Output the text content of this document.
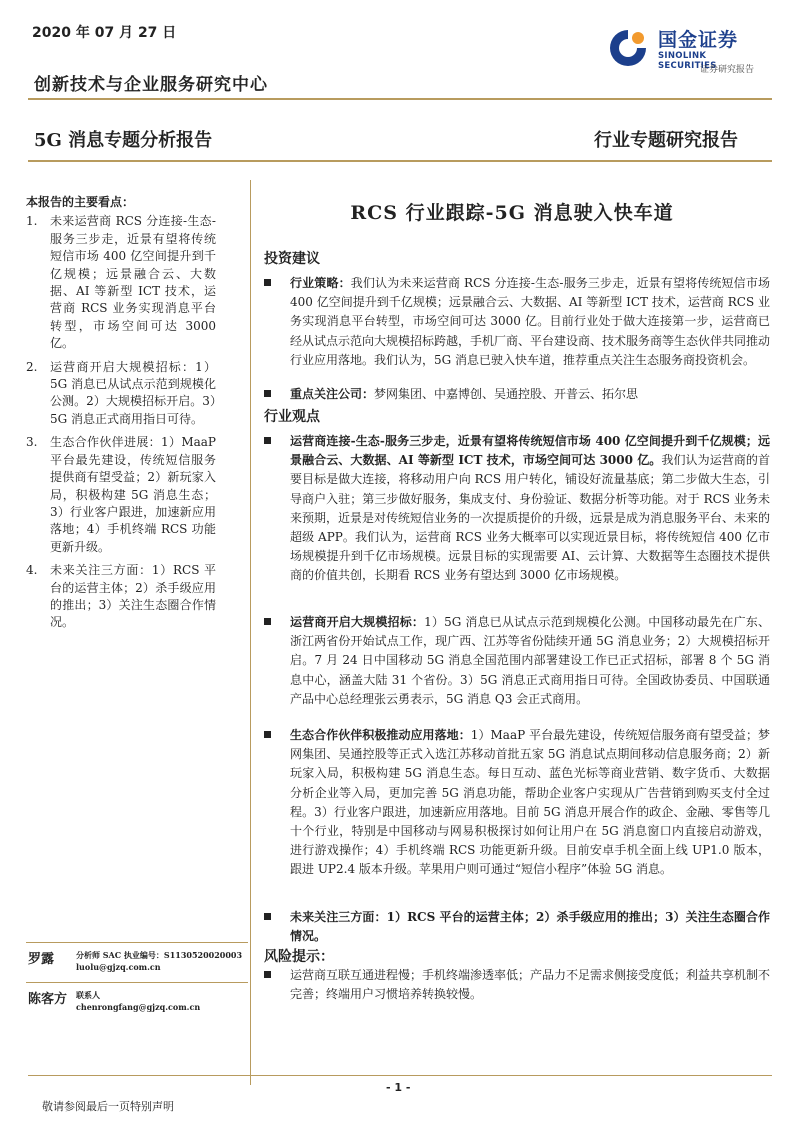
2020 年 07 月 27 日
创新技术与企业服务研究中心
国金证券
SINOLINK SECURITIES
证券研究报告
5G 消息专题分析报告	行业专题研究报告
本报告的主要看点：
1. 未来运营商 RCS 分连接-生态-服务三步走，近景有望将传统短信市场 400 亿空间提升到千亿规模；远景融合云、大数据、AI 等新型 ICT 技术，运营商 RCS 业务实现消息平台转型，市场空间可达 3000 亿。
2. 运营商开启大规模招标：1）5G 消息已从试点示范到规模化公测。2）大规模招标开启。3）5G 消息正式商用指日可待。
3. 生态合作伙伴进展：1）MaaP 平台最先建设，传统短信服务提供商有望受益；2）新玩家入局，积极构建 5G 消息生态；3）行业客户跟进，加速新应用落地；4）手机终端 RCS 功能更新升级。
4. 未来关注三方面：1）RCS 平台的运营主体；2）杀手级应用的推出；3）关注生态圈合作情况。
RCS 行业跟踪-5G 消息驶入快车道
投资建议
行业策略：我们认为未来运营商 RCS 分连接-生态-服务三步走，近景有望将传统短信市场 400 亿空间提升到千亿规模；远景融合云、大数据、AI 等新型 ICT 技术，运营商 RCS 业务实现消息平台转型，市场空间可达 3000 亿。目前行业处于做大连接第一步，运营商已经从试点示范向大规模招标跨越，手机厂商、平台建设商、技术服务商等生态伙伴共同推动行业应用落地。我们认为，5G 消息已驶入快车道，推荐重点关注生态服务商投资机会。
重点关注公司：梦网集团、中嘉博创、吴通控股、开普云、拓尔思
行业观点
运营商连接-生态-服务三步走，近景有望将传统短信市场 400 亿空间提升到千亿规模；远景融合云、大数据、AI 等新型 ICT 技术，市场空间可达 3000 亿。我们认为运营商的首要目标是做大连接，将移动用户向 RCS 用户转化，铺设好流量基底；第二步做大生态，引导商户入驻；第三步做好服务，集成支付、身份验证、数据分析等功能。对于 RCS 业务未来预期，近景是对传统短信业务的一次提质提价的升级，远景是成为消息服务平台、未来的超级 APP。我们认为，运营商 RCS 业务大概率可以实现近景目标，将传统短信 400 亿市场规模提升到千亿市场规模。远景目标的实现需要 AI、云计算、大数据等生态圈技术提供商的价值共创，长期看 RCS 业务有望达到 3000 亿市场规模。
运营商开启大规模招标：1）5G 消息已从试点示范到规模化公测。中国移动最先在广东、浙江两省份开始试点工作，现广西、江苏等省份陆续开通 5G 消息业务；2）大规模招标开启。7 月 24 日中国移动 5G 消息全国范围内部署建设工作已正式招标，部署 8 个 5G 消息中心，涵盖大陆 31 个省份。3）5G 消息正式商用指日可待。全国政协委员、中国联通产品中心总经理张云勇表示，5G 消息 Q3 会正式商用。
生态合作伙伴积极推动应用落地：1）MaaP 平台最先建设，传统短信服务商有望受益；梦网集团、吴通控股等正式入选江苏移动首批五家 5G 消息试点期间移动信息服务商；2）新玩家入局，积极构建 5G 消息生态。每日互动、蓝色光标等商业营销、数字货币、大数据分析企业等入局，更加完善 5G 消息功能，帮助企业客户实现从广告营销到购买支付全过程。3）行业客户跟进，加速新应用落地。目前 5G 消息开展合作的政企、金融、零售等几十个行业，特别是中国移动与网易积极探讨如何让用户在 5G 消息窗口内直接启动游戏，进行游戏操作；4）手机终端 RCS 功能更新升级。目前安卓手机全面上线 UP1.0 版本，跟进 UP2.4 版本升级。苹果用户则可通过“短信小程序”体验 5G 消息。
未来关注三方面：1）RCS 平台的运营主体；2）杀手级应用的推出；3）关注生态圈合作情况。
风险提示：
运营商互联互通进程慢；手机终端渗透率低；产品力不足需求侧接受度低；利益共享机制不完善；终端用户习惯培养转换较慢。
罗露	分析师 SAC 执业编号：S1130520020003
luolu@gjzq.com.cn
陈客方 联系人
chenrongfang@gjzq.com.cn
- 1 -
敬请参阅最后一页特别声明
